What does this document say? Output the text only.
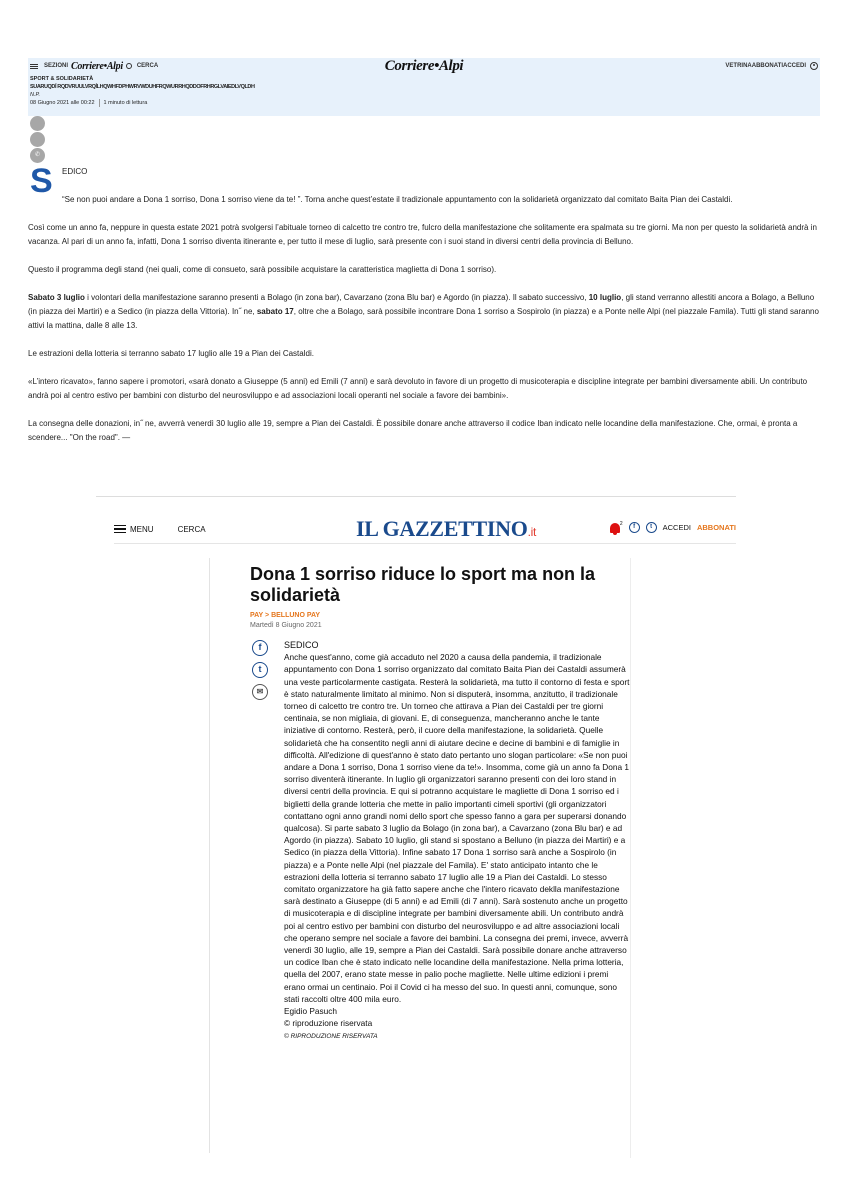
SEZIONI Corriere•Alpi CERCA	Corriere•Alpi	VETRINA ABBONATI ACCEDI
SPORT & SOLIDARIETÀ
SUARUQDÍ RQDVRUULVRQÍLHQWHFDPHWRVWDUHFRQWURRHQDDOFRHRGLVAIEDLVQLDH
N.P.
08 Giugno 2021 alle 00:22	1 minuto di lettura
✆
S EDICO

“Se non puoi andare a Dona 1 sorriso, Dona 1 sorriso viene da te! ”. Torna anche quest’estate il tradizionale appuntamento con la solidarietà organizzato dal comitato Baita Pian dei Castaldi.

Così come un anno fa, neppure in questa estate 2021 potrà svolgersi l’abituale torneo di calcetto tre contro tre, fulcro della manifestazione che solitamente era spalmata su tre giorni. Ma non per questo la solidarietà andrà in vacanza. Al pari di un anno fa, infatti, Dona 1 sorriso diventa itinerante e, per tutto il mese di luglio, sarà presente con i suoi stand in diversi centri della provincia di Belluno.

Questo il programma degli stand (nei quali, come di consueto, sarà possibile acquistare la caratteristica maglietta di Dona 1 sorriso).

Sabato 3 luglio i volontari della manifestazione saranno presenti a Bolago (in zona bar), Cavarzano (zona Blu bar) e Agordo (in piazza). Il sabato successivo, 10 luglio, gli stand verranno allestiti ancora a Bolago, a Belluno (in piazza dei Martiri) e a Sedico (in piazza della Vittoria). In˝ ne, sabato 17, oltre che a Bolago, sarà possibile incontrare Dona 1 sorriso a Sospirolo (in piazza) e a Ponte nelle Alpi (nel piazzale Famila). Tutti gli stand saranno attivi la mattina, dalle 8 alle 13.

Le estrazioni della lotteria si terranno sabato 17 luglio alle 19 a Pian dei Castaldi.

«L’intero ricavato», fanno sapere i promotori, «sarà donato a Giuseppe (5 anni) ed Emili (7 anni) e sarà devoluto in favore di un progetto di musicoterapia e discipline integrate per bambini diversamente abili. Un contributo andrà poi al centro estivo per bambini con disturbo del neurosviluppo e ad associazioni locali operanti nel sociale a favore dei bambini».

La consegna delle donazioni, in˝ ne, avverrà venerdì 30 luglio alle 19, sempre a Pian dei Castaldi. È possibile donare anche attraverso il codice Iban indicato nelle locandine della manifestazione. Che, ormai, è pronta a scendere... "On the road". —

MENU	CERCA	IL GAZZETTINO.it
2
f	t	ACCEDI ABBONATI
Dona 1 sorriso riduce lo sport ma non la solidarietà
PAY > BELLUNO PAY
Martedì 8 Giugno 2021
f
t
✉
SEDICO
Anche quest'anno, come già accaduto nel 2020 a causa della pandemia, il tradizionale appuntamento con Dona 1 sorriso organizzato dal comitato Baita Pian dei Castaldi assumerà una veste particolarmente castigata. Resterà la solidarietà, ma tutto il contorno di festa e sport è stato naturalmente limitato al minimo. Non si disputerà, insomma, anzitutto, il tradizionale torneo di calcetto tre contro tre. Un torneo che attirava a Pian dei Castaldi per tre giorni centinaia, se non migliaia, di giovani. E, di conseguenza, mancheranno anche le tante iniziative di contorno. Resterà, però, il cuore della manifestazione, la solidarietà. Quelle solidarietà che ha consentito negli anni di aiutare decine e decine di bambini e di famiglie in difficoltà. All'edizione di quest'anno è stato dato pertanto uno slogan particolare: «Se non puoi andare a Dona 1 sorriso, Dona 1 sorriso viene da te!». Insomma, come già un anno fa Dona 1 sorriso diventerà itinerante. In luglio gli organizzatori saranno presenti con dei loro stand in diversi centri della provincia. E qui si potranno acquistare le magliette di Dona 1 sorriso ed i biglietti della grande lotteria che mette in palio importanti cimeli sportivi (gli organizzatori contattano ogni anno grandi nomi dello sport che spesso fanno a gara per superarsi donando qualcosa). Si parte sabato 3 luglio da Bolago (in zona bar), a Cavarzano (zona Blu bar) e ad Agordo (in piazza). Sabato 10 luglio, gli stand si spostano a Belluno (in piazza dei Martiri) e a Sedico (in piazza della Vittoria). Infine sabato 17 Dona 1 sorriso sarà anche a Sospirolo (in piazza) e a Ponte nelle Alpi (nel piazzale del Famila). E' stato anticipato intanto che le estrazioni della lotteria si terranno sabato 17 luglio alle 19 a Pian dei Castaldi. Lo stesso comitato organizzatore ha già fatto sapere anche che l'intero ricavato deklla manifestazione sarà destinato a Giuseppe (di 5 anni) e ad Emili (di 7 anni). Sarà sostenuto anche un progetto di musicoterapia e di discipline integrate per bambini diversamente abili. Un contributo andrà poi al centro estivo per bambini con disturbo del neurosviluppo e ad altre associazioni locali che operano sempre nel sociale a favore dei bambini. La consegna dei premi, invece, avverrà venerdì 30 luglio, alle 19, sempre a Pian dei Castaldi. Sarà possibile donare anche attraverso un codice Iban che è stato indicato nelle locandine della manifestazione. Nella prima lotteria, quella del 2007, erano state messe in palio poche magliette. Nelle ultime edizioni i premi erano ormai un centinaio. Poi il Covid ci ha messo del suo. In questi anni, comunque, sono stati raccolti oltre 400 mila euro.
Egidio Pasuch
© riproduzione riservata
© RIPRODUZIONE RISERVATA
